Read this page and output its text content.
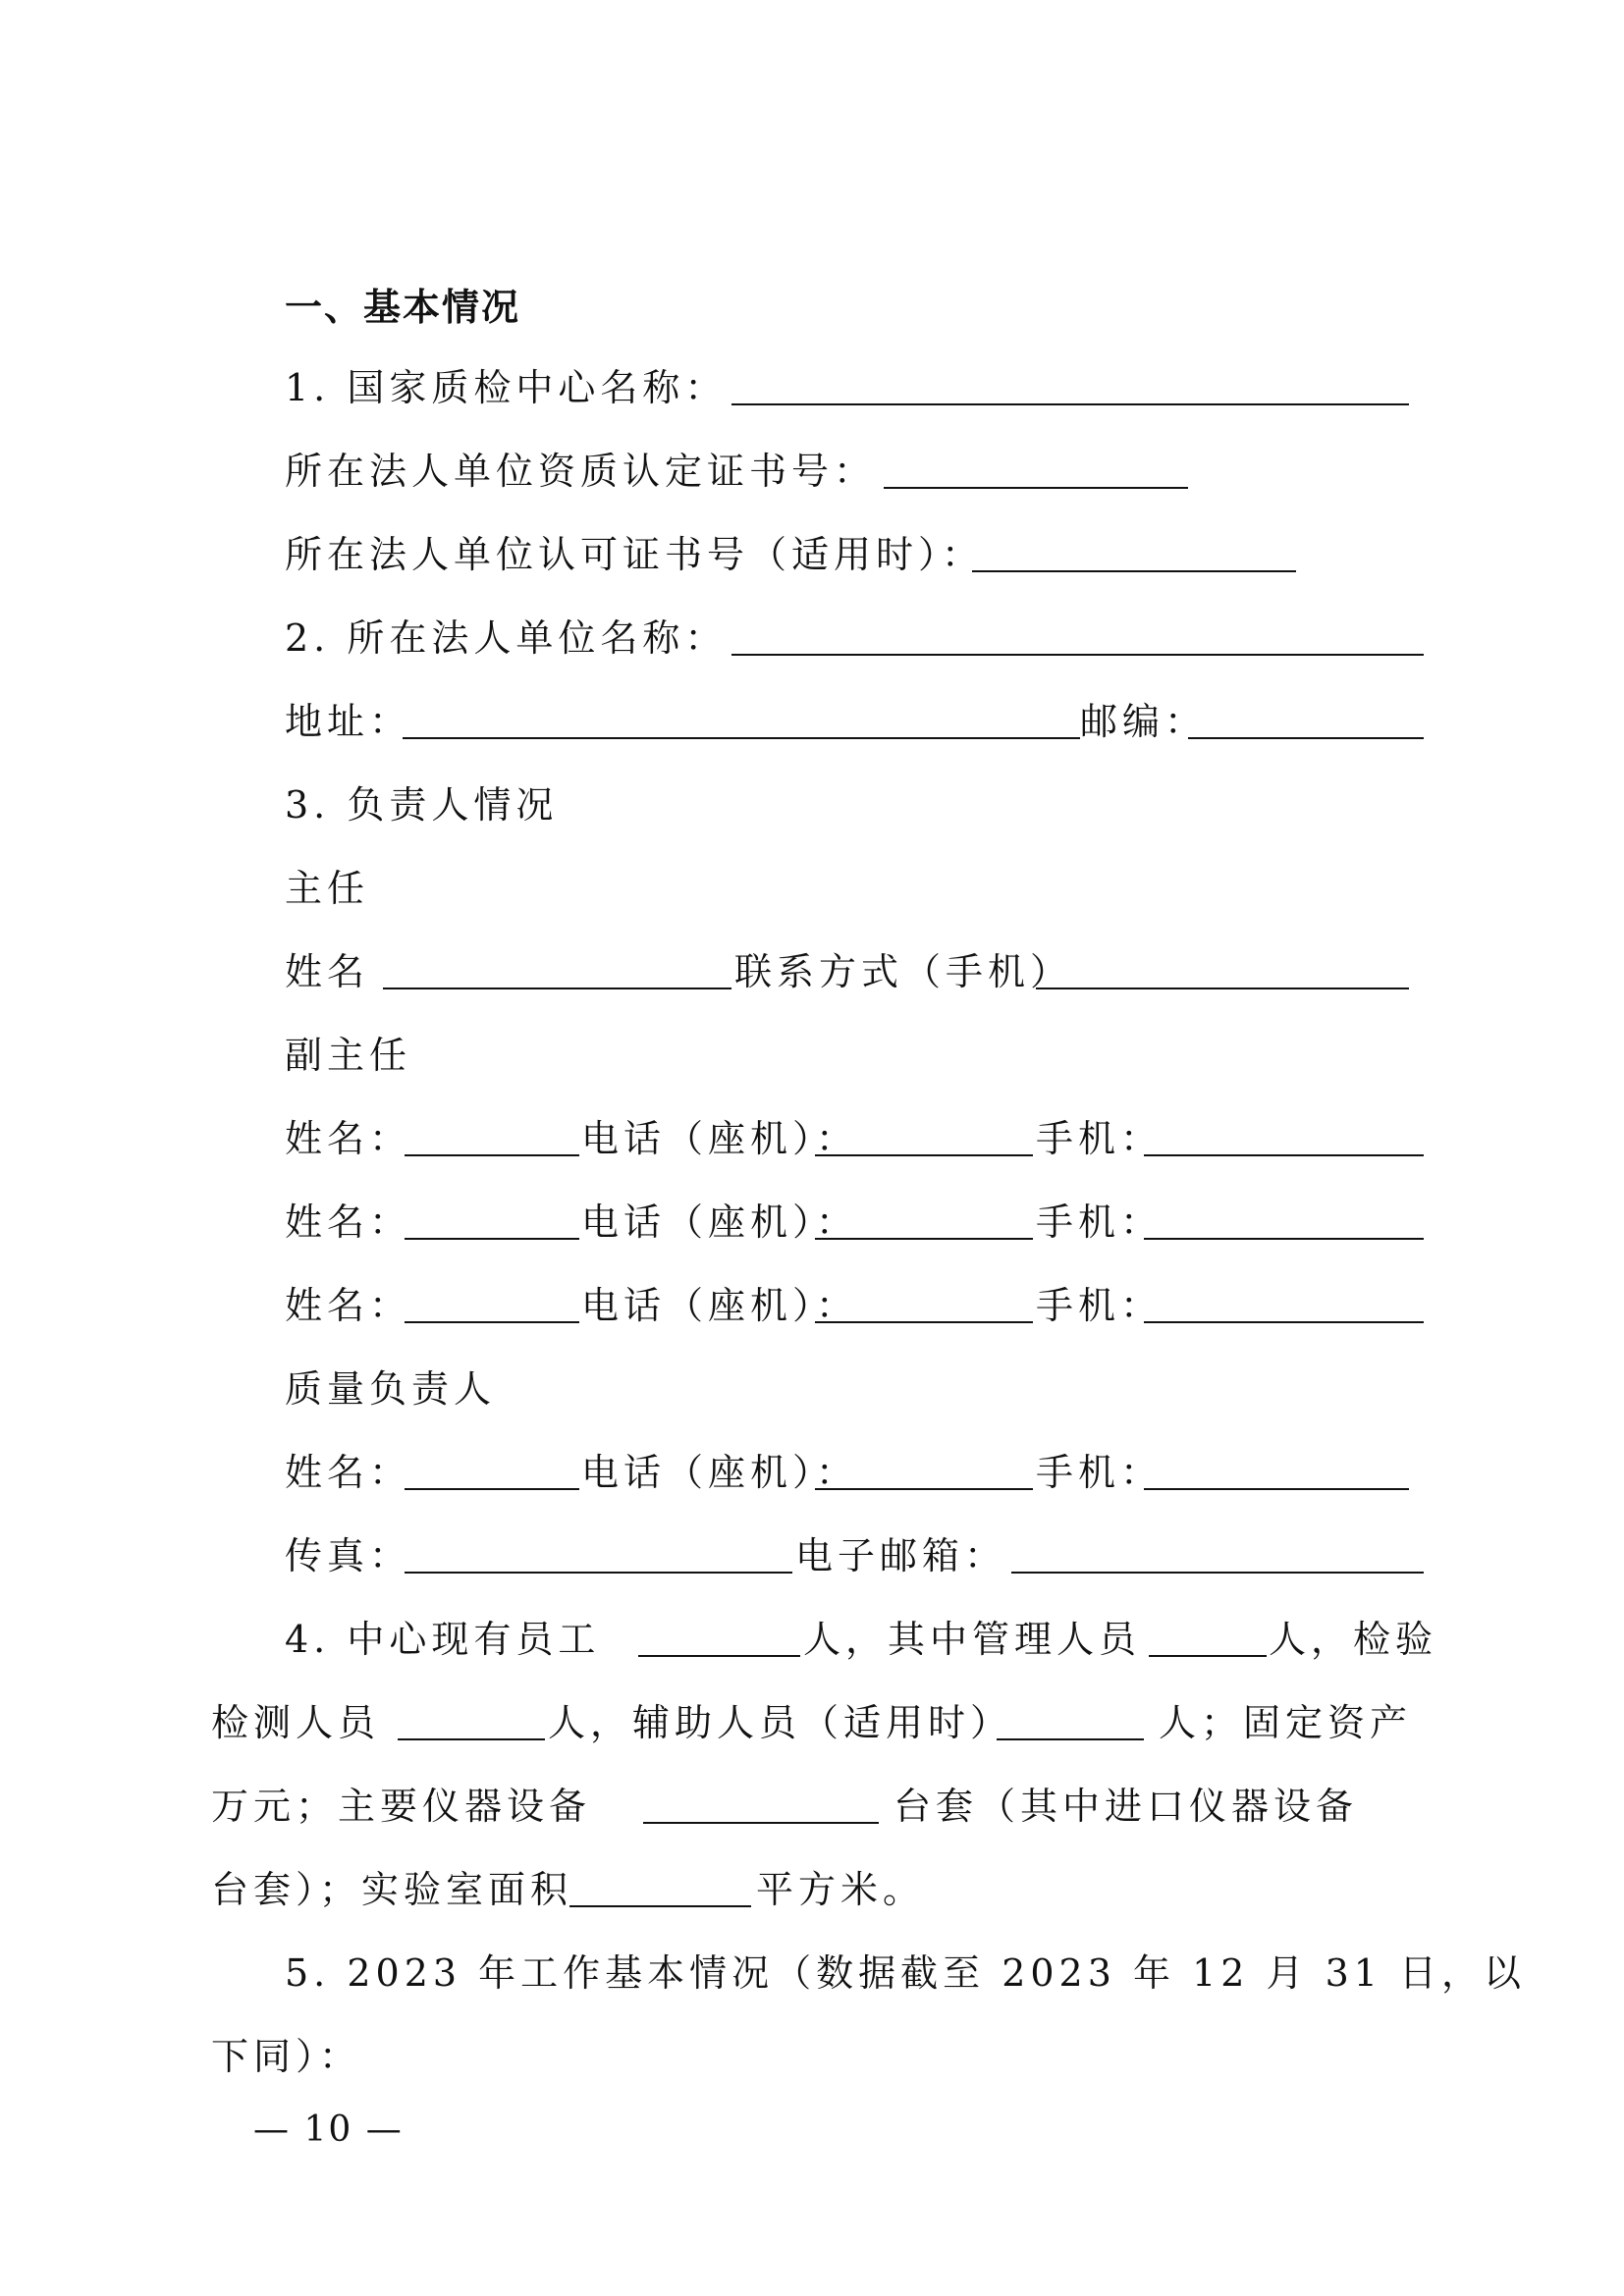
一、基本情况
1. 国家质检中心名称：
所在法人单位资质认定证书号：
所在法人单位认可证书号（适用时）：
2. 所在法人单位名称：
地址：	邮编：
3. 负责人情况
主任
姓名	联系方式（手机）
副主任
姓名：	电话（座机）：	手机：
姓名：	电话（座机）：	手机：
姓名：	电话（座机）：	手机：
质量负责人
姓名：	电话（座机）：	手机：
传真：	电子邮箱：
4. 中心现有员工	人，其中管理人员	人，检验
检测人员	人，辅助人员（适用时）	人；固定资产
万元；主要仪器设备	台套（其中进口仪器设备
台套）；实验室面积	平方米。
5. 2023 年工作基本情况（数据截至 2023 年 12 月 31 日，以
下同）：
— 10 —
